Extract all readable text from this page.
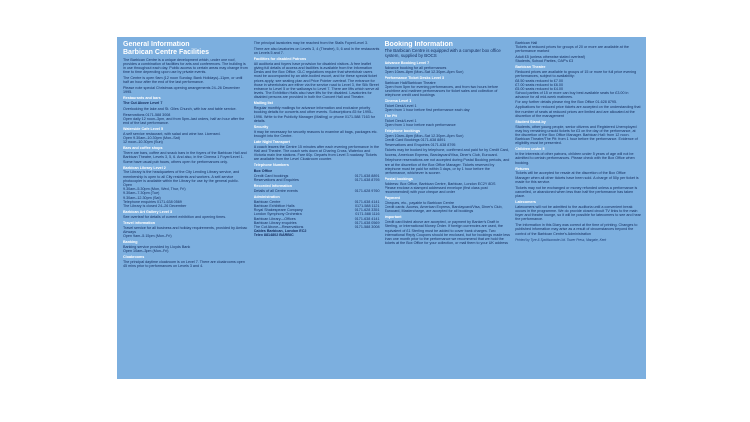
General Information
Barbican Centre Facilities

The Barbican Centre is a unique development which, under one roof, provides a combination of facilities for arts and conferences. The building is in use throughout each day. Public access to certain areas may change from time to time depending upon use by private events.

The Centre is open 9am (12 noon Sunday, Bank Holidays)–11pm, or until half an hour after the end of the last performance.

Please note special Christmas opening arrangements 24–26 December 1995.

Restaurants and bars

The Cut Above Level 7

Overlooking the lake and St. Giles Church, with bar and table service.

Reservations 0171-588 3008
Open daily 12 noon–3pm, and from 5pm–last orders, half an hour after the end of the last performance.

Waterside Cafe Level 5

A self service restaurant, with salad and wine bar. Licensed.
Open 9.30am–10.30pm (Mon–Sat)
12 noon–10.30pm (Sun)

Bars and coffee shops

There are bars, coffee and snack bars in the foyers of the Barbican Hall and Barbican Theatre, Levels 3, 5, 6. And also, in the Cinema 1 Foyer/Level 1. Some have usual pub hours, others open for performances only.

Barbican Library Level 2

The Library is the headquarters of the City Lending Library service, and membership is open to all City residents and workers. A self-service photocopier is available within the Library for use by the general public.
Open
9.30am–5.30pm (Mon, Wed, Thur, Fri)
9.30am–7.30pm (Tue)
9.30am–12.30pm (Sat)
Telephone enquiries 0171-638 0569
The Library is closed 24–26 December

Barbican Art Gallery Level 3

See overleaf for details of current exhibition and opening times.

Travel information

Travel service for all business and holiday requirements, provided by Ambac Airways
Open 9am–5.15pm (Mon–Fri)

Banking

Banking service provided by Lloyds Bank
Open 10am–3pm (Mon–Fri)

Cloakrooms

The principal daytime cloakroom is on Level 7. There are cloakrooms open 45 mins prior to performances on Levels 3 and 4.

The principal lavatories may be reached from the Stalls Foyer/Level 3.

There are also lavatories on Levels 3, 4 (Theatre), 5, 6 and in the restaurants on Levels 5 and 7.

Facilities for disabled Patrons

All auditoria and foyers have provision for disabled visitors. A free leaflet giving full details of access and facilities is available from the Information Desks and the Box Office. GLC regulations require that wheelchair users must be accompanied by an able-bodied escort, and for these special ticket prices apply; see seating plan and Price Pointer overleaf. The entrance for those in wheelchairs are either via the service road to Level 3, the Silk Street entrance to Level 5 or the walkways to Level 7. There are lifts which serve all levels. The Exhibition Halls also have lifts for the disabled. Lavatories for disabled persons are provided in both the Concert Hall and Theatre.

Mailing list

Regular monthly mailings for advance information and exclusive priority booking details for concerts and other events. Subscriptions £5 for 1995–1996. Write to the Publicity Manager (Mailing) or phone 0171-588 7163 for details.

Security

It may be necessary for security reasons to examine all bags, packages etc. brought into the Centre.

Late Night Transport

A coach leaves the Centre 15 minutes after each evening performance in the Hall and Theatre. The coach sets down at Charing Cross, Waterloo and Victoria main line stations. Fare 60p. Departs from Level 3 roadway. Tickets are available from the Level Cloakroom counter.

Telephone Numbers

Box Office

Credit Card bookings	0171-638 8891
Reservations and Enquiries	0171-638 8795

Recorded Information

Details of all Centre events	0171-628 9760

Administration

Barbican Centre	0171-638 4141
Barbican Exhibition Halls	0171-588 1121
Royal Shakespeare Company	0171-628 3351
London Symphony Orchestra	0171-588 1116
Barbican Library—Offices	0171-638 4141
Barbican Library enquiries	0171-638 0569
The Cut Above—Reservations	0171-588 3008

Cables Barbican, London EC2
Telex 8814802 BARBIC

Booking Information

The Barbican Centre is equipped with a computer box office system, supplied by BOCS

Advance Booking Level 7

Advance booking for all performances
Open 10am–8pm (Mon–Sat 12.30pm–8pm Sun)

Performance Ticket Desks Level 3

Barbican Hall/Barbican Theatre
Open from 5pm for evening performances, and from two hours before lunchtime and matinee performances for ticket sales and collection of telephone credit card bookings

Cinema Level 1

Ticket Desk/Level 1
Open from 1 hour before first performance each day

The Pit

Ticket Desk/Level 1
Open from 1 hour before each performance

Telephone bookings

Open 10am–8pm (Mon–Sat 12.30pm–8pm Sun)
Credit Card Bookings 0171-638 8891
Reservations and Enquiries 0171-638 8795

Tickets may be booked by telephone, confirmed and paid for by Credit Card, Access, American Express, Barclaycard/Visa, Diner's Club, Eurocard.

Telephone reservations are not accepted during Postal Booking periods, and are at the discretion of the Box Office Manager. Tickets reserved by telephone must be paid for within 3 days, or by 1 hour before the performance, whichever is sooner.

Postal bookings

Address: Box Office, Barbican Centre, Barbican, London EC2Y 8DS
Please enclose a stamped addressed envelope (first class post recommended) with your cheque and order

Payment

Cheques, etc., payable to Barbican Centre
Credit cards: Access, American Express, Barclaycard/Visa, Diner's Club, Eurocard, Mastercharge, are accepted for all bookings

Important

Credit card listed above are accepted, or payment by Banker's Draft in Sterling, or International Money Order. If foreign currencies are used, the equivalent of £1 Sterling must be added to cover bank charges. Two International Reply Coupons should be enclosed, but for bookings made less than one month prior to the performance we recommend that we hold the tickets at the Box Office for your collection, or mail them to your UK address

Barbican Hall
Tickets at reduced prices for groups of 20 or more are available at the performance marked

Adult £5 (unless otherwise stated overleaf)
Students, School Parties, OAP's £3

Barbican Theatre

Reduced prices are available to groups of 15 or more for full price evening performances, subject to availability:
£8.50 seats reduced to £7.00
£7.00 seats reduced to £6.00
£5.00 seats reduced to £4.00
School parties of 15 or more can buy best available seats for £3.00 in advance for all mid-week matinees.
For any further details please ring the Box Office 01-628 8795.

Applications for reduced price tickets are accepted on the understanding that the number of seats at reduced prices are limited and are allocated at the discretion of the management

Student Stand-by

Students, other young people, senior citizens and Registered Unemployed may buy remaining unsold tickets for £3 on the day of the performance, at the discretion of the Box Office Manager. Barbican Hall: from 12 noon. Barbican Theatre/The Pit: from 1 hour before the performance. Evidence of eligibility must be presented.

Children under 5

In the interests of other patrons, children under 5 years of age will not be admitted to certain performances. Please check with the Box Office when booking.

Returns

Tickets will be accepted for resale at the discretion of the Box Office Manager when all other tickets have been sold. A charge of 50p per ticket is made for this service.

Tickets may not be exchanged or money refunded unless a performance is cancelled, or abandoned when less than half the performance has taken place.

Latecomers

Latecomers will not be admitted to the auditoria until a convenient break occurs in the programme. We do provide closed circuit TV links to the main foyer and theatre lounge, so it will be possible for latecomers to see and hear the performance.

The information in this Diary was correct at the time of printing. Changes to published information may arise as a result of circumstances beyond the control of the Barbican Centre's Administration

Printed by Tyre & Spottiswoode Ltd. Tower Press, Margate, Kent
